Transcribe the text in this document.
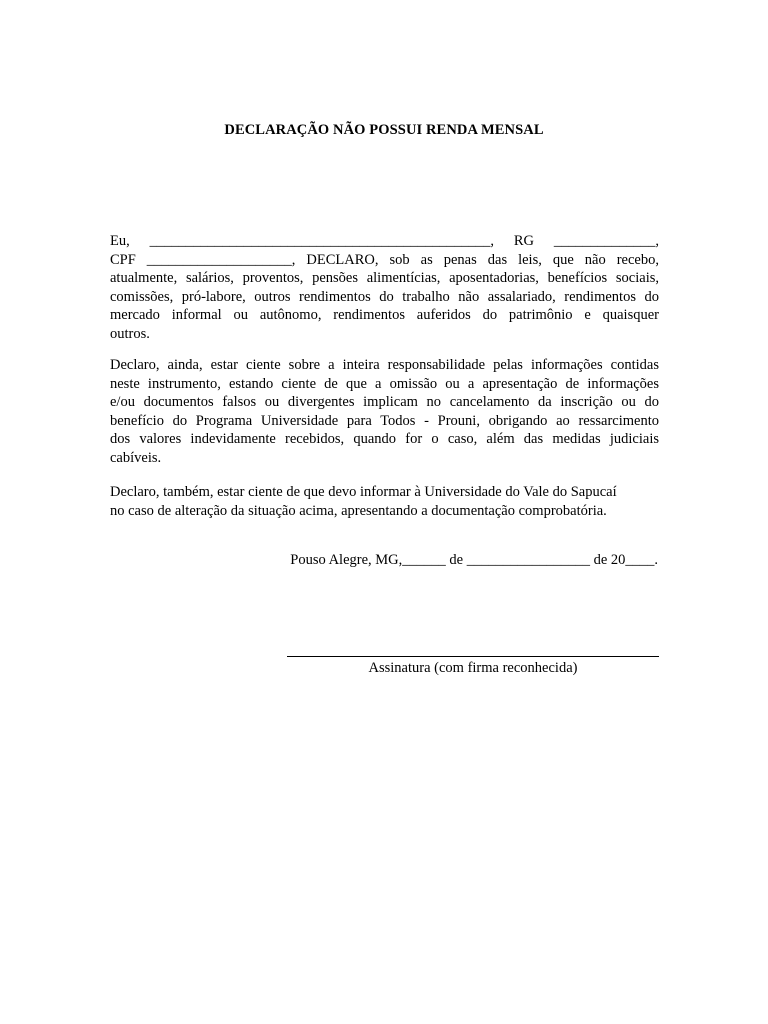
DECLARAÇÃO NÃO POSSUI RENDA MENSAL
Eu, _______________________________________________, RG ______________,
CPF ____________________, DECLARO, sob as penas das leis, que não recebo,
atualmente, salários, proventos, pensões alimentícias, aposentadorias, benefícios sociais,
comissões, pró-labore, outros rendimentos do trabalho não assalariado, rendimentos do
mercado informal ou autônomo, rendimentos auferidos do patrimônio e quaisquer
outros.
Declaro, ainda, estar ciente sobre a inteira responsabilidade pelas informações contidas
neste instrumento, estando ciente de que a omissão ou a apresentação de informações
e/ou documentos falsos ou divergentes implicam no cancelamento da inscrição ou do
benefício do Programa Universidade para Todos - Prouni, obrigando ao ressarcimento
dos valores indevidamente recebidos, quando for o caso, além das medidas judiciais
cabíveis.
Declaro, também, estar ciente de que devo informar à Universidade do Vale do Sapucaí
no caso de alteração da situação acima, apresentando a documentação comprobatória.
Pouso Alegre, MG,______ de _________________ de 20____.
Assinatura (com firma reconhecida)
